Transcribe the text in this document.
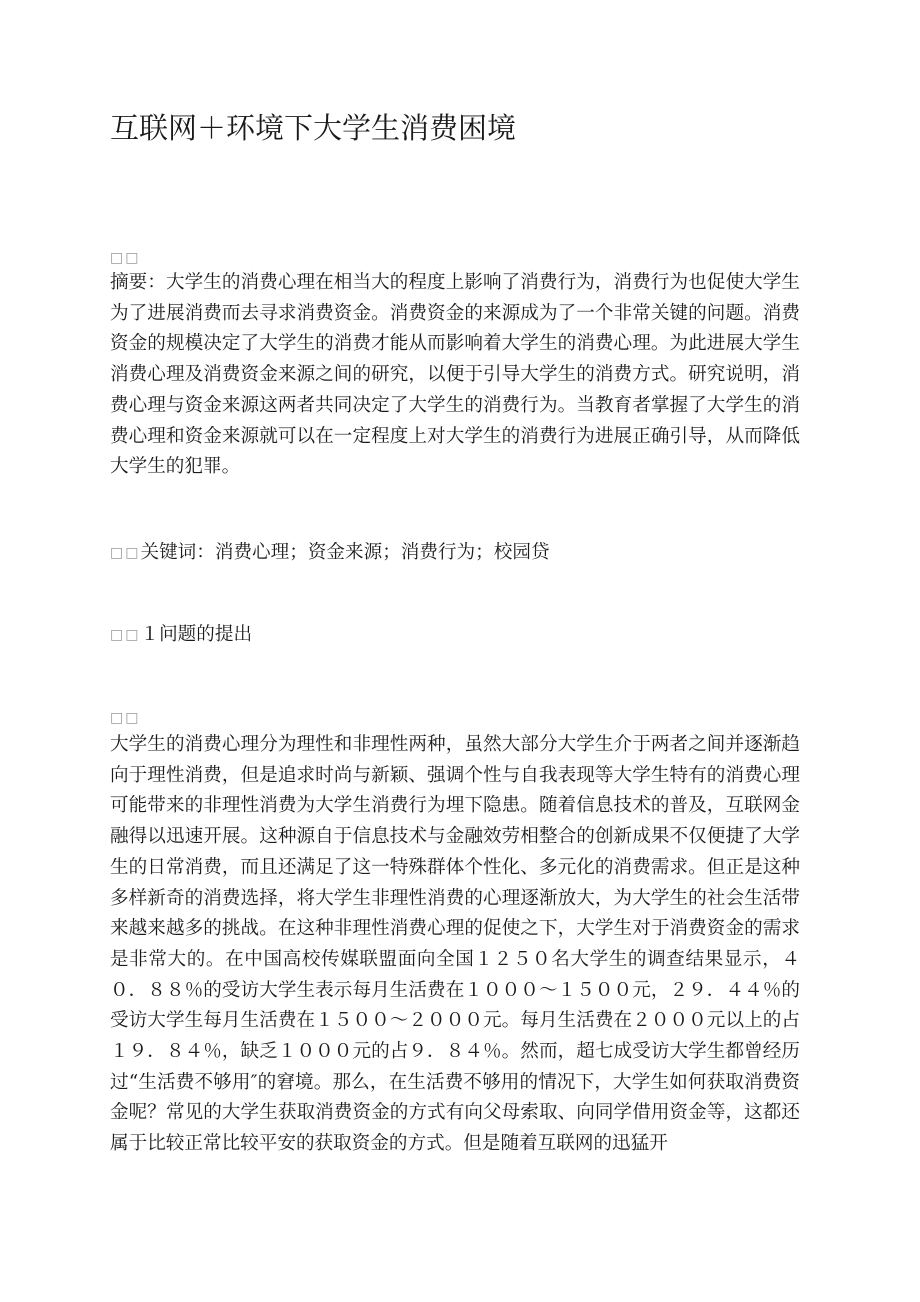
互联网＋环境下大学生消费困境
□□

摘要：大学生的消费心理在相当大的程度上影响了消费行为，消费行为也促使大学生为了进展消费而去寻求消费资金。消费资金的来源成为了一个非常关键的问题。消费资金的规模决定了大学生的消费才能从而影响着大学生的消费心理。为此进展大学生消费心理及消费资金来源之间的研究，以便于引导大学生的消费方式。研究说明，消费心理与资金来源这两者共同决定了大学生的消费行为。当教育者掌握了大学生的消费心理和资金来源就可以在一定程度上对大学生的消费行为进展正确引导，从而降低大学生的犯罪。

□□关键词：消费心理；资金来源；消费行为；校园贷

□□１问题的提出

□□

大学生的消费心理分为理性和非理性两种，虽然大部分大学生介于两者之间并逐渐趋向于理性消费，但是追求时尚与新颖、强调个性与自我表现等大学生特有的消费心理可能带来的非理性消费为大学生消费行为埋下隐患。随着信息技术的普及，互联网金融得以迅速开展。这种源自于信息技术与金融效劳相整合的创新成果不仅便捷了大学生的日常消费，而且还满足了这一特殊群体个性化、多元化的消费需求。但正是这种多样新奇的消费选择，将大学生非理性消费的心理逐渐放大，为大学生的社会生活带来越来越多的挑战。在这种非理性消费心理的促使之下，大学生对于消费资金的需求是非常大的。在中国高校传媒联盟面向全国１２５０名大学生的调查结果显示，４０．８８％的受访大学生表示每月生活费在１０００～１５００元，２９．４４％的受访大学生每月生活费在１５００～２０００元。每月生活费在２０００元以上的占１９．８４％，缺乏１０００元的占９．８４％。然而，超七成受访大学生都曾经历过“生活费不够用″的窘境。那么，在生活费不够用的情况下，大学生如何获取消费资金呢？常见的大学生获取消费资金的方式有向父母索取、向同学借用资金等，这都还属于比较正常比较平安的获取资金的方式。但是随着互联网的迅猛开
